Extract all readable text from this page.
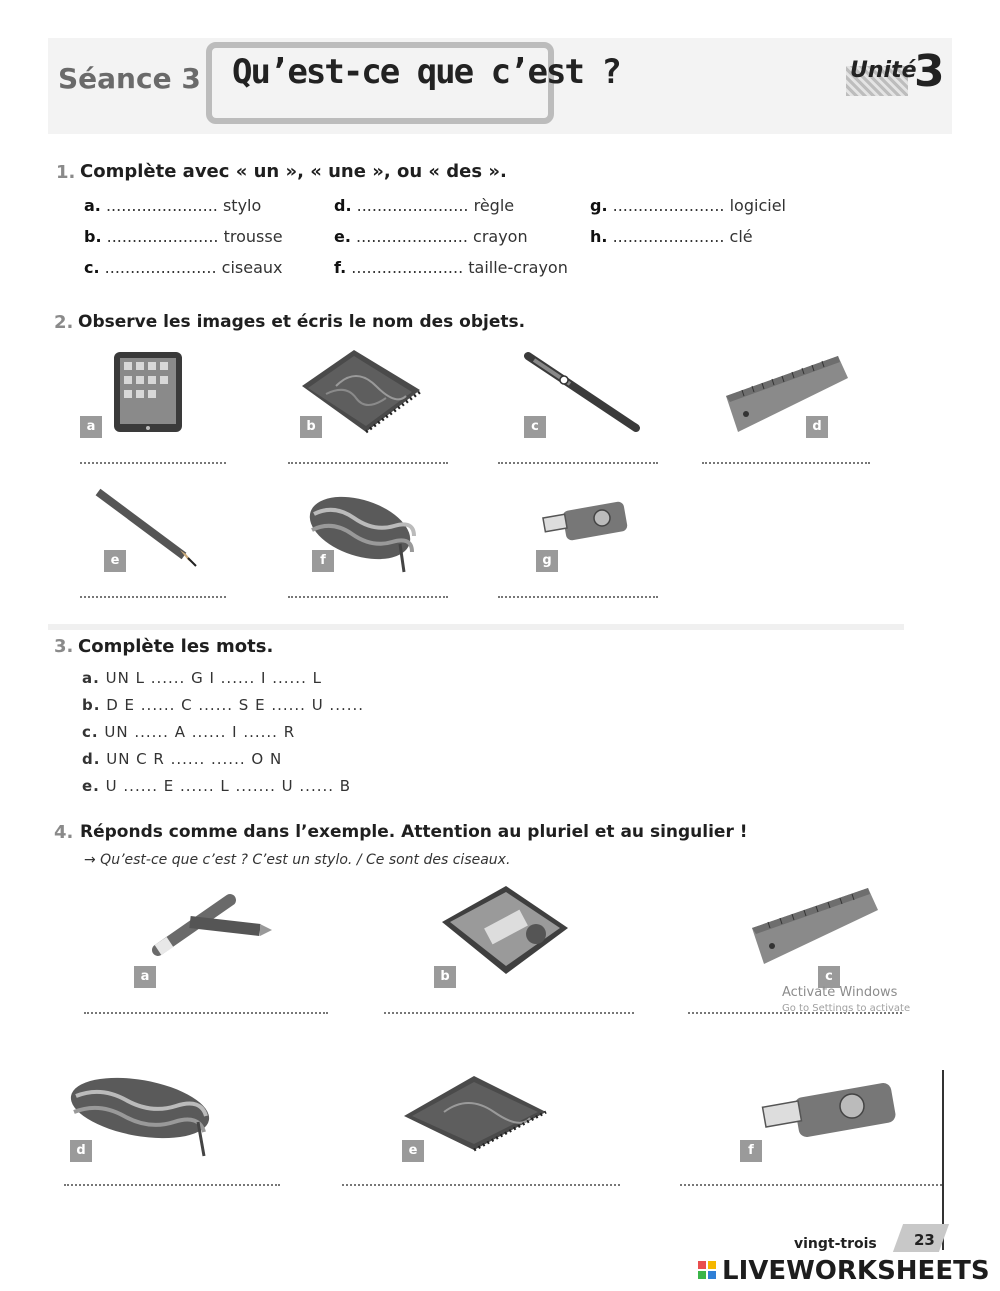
Séance 3 Qu’est-ce que c’est ?	Unité
3
1. Complète avec « un », « une », ou « des ».
a. ...................... stylo
b. ...................... trousse
c. ...................... ciseaux
d. ...................... règle
e. ...................... crayon
f. ...................... taille-crayon
g. ...................... logiciel
h. ...................... clé
2. Observe les images et écris le nom des objets.
a	b	c	d
e	f	g
3. Complète les mots.
a. UN L ...... G I ...... I ...... L
b. D E ...... C ...... S E ...... U ......
c. UN ...... A ...... I ...... R
d. UN C R ...... ...... O N
e. U ...... E ...... L ....... U ...... B
4. Réponds comme dans l’exemple. Attention au pluriel et au singulier !
→ Qu’est-ce que c’est ? C’est un stylo. / Ce sont des ciseaux.
a	b	c
Activate Windows
Go to Settings to activate
d	e	f
vingt-trois 23
LIVEWORKSHEETS
